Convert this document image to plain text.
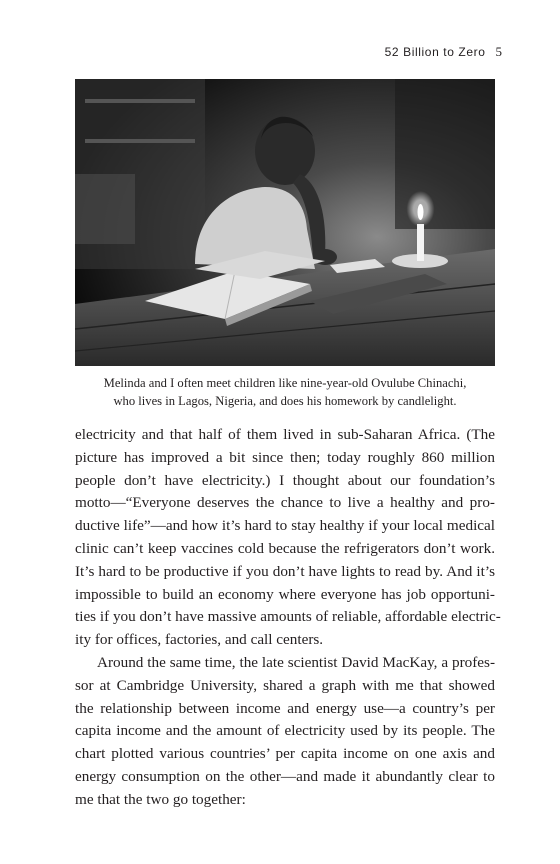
52 Billion to Zero 5
Melinda and I often meet children like nine-year-old Ovulube Chinachi,
who lives in Lagos, Nigeria, and does his homework by candlelight.
electricity and that half of them lived in sub-Saharan Africa. (The
picture has improved a bit since then; today roughly 860 million
people don’t have electricity.) I thought about our foundation’s
motto—“Everyone deserves the chance to live a healthy and pro-
ductive life”—and how it’s hard to stay healthy if your local medical
clinic can’t keep vaccines cold because the refrigerators don’t work.
It’s hard to be productive if you don’t have lights to read by. And it’s
impossible to build an economy where everyone has job opportuni-
ties if you don’t have massive amounts of reliable, affordable electric-
ity for offices, factories, and call centers.
Around the same time, the late scientist David MacKay, a profes-
sor at Cambridge University, shared a graph with me that showed
the relationship between income and energy use—a country’s per
capita income and the amount of electricity used by its people. The
chart plotted various countries’ per capita income on one axis and
energy consumption on the other—and made it abundantly clear to
me that the two go together:
